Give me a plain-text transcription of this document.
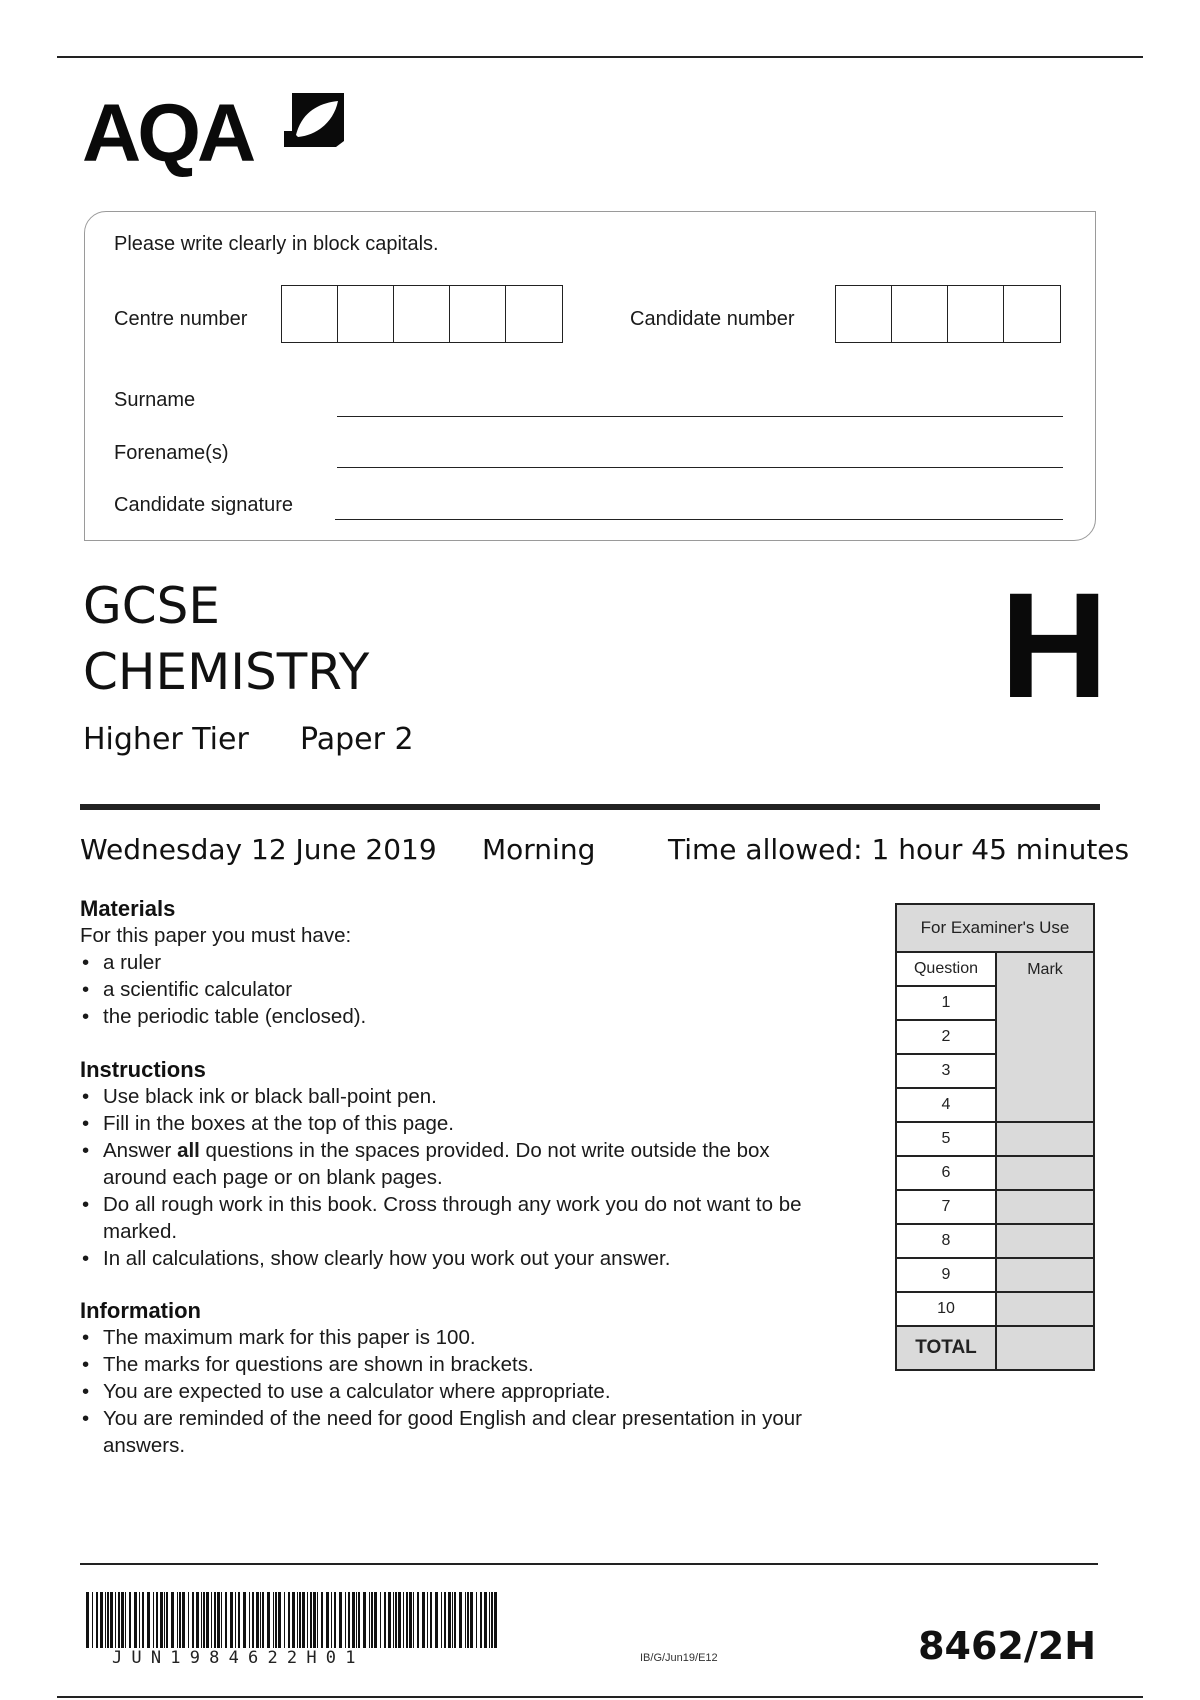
AQA
Please write clearly in block capitals.
Centre number	Candidate number
Surname
Forename(s)
Candidate signature
GCSE
CHEMISTRY
Higher Tier Paper 2
H
Wednesday 12 June 2019 Morning	Time allowed: 1 hour 45 minutes
Materials
For this paper you must have:
• a ruler
• a scientific calculator
• the periodic table (enclosed).
Instructions
• Use black ink or black ball-point pen.
• Fill in the boxes at the top of this page.
• Answer all questions in the spaces provided. Do not write outside the box around each page or on blank pages.
• Do all rough work in this book. Cross through any work you do not want to be marked.
• In all calculations, show clearly how you work out your answer.
Information
• The maximum mark for this paper is 100.
• The marks for questions are shown in brackets.
• You are expected to use a calculator where appropriate.
• You are reminded of the need for good English and clear presentation in your answers.
For Examiner's Use
Question	Mark
1
2
3
4
5
6
7
8
9
10
TOTAL
JUN1984622H01	IB/G/Jun19/E12	8462/2H
